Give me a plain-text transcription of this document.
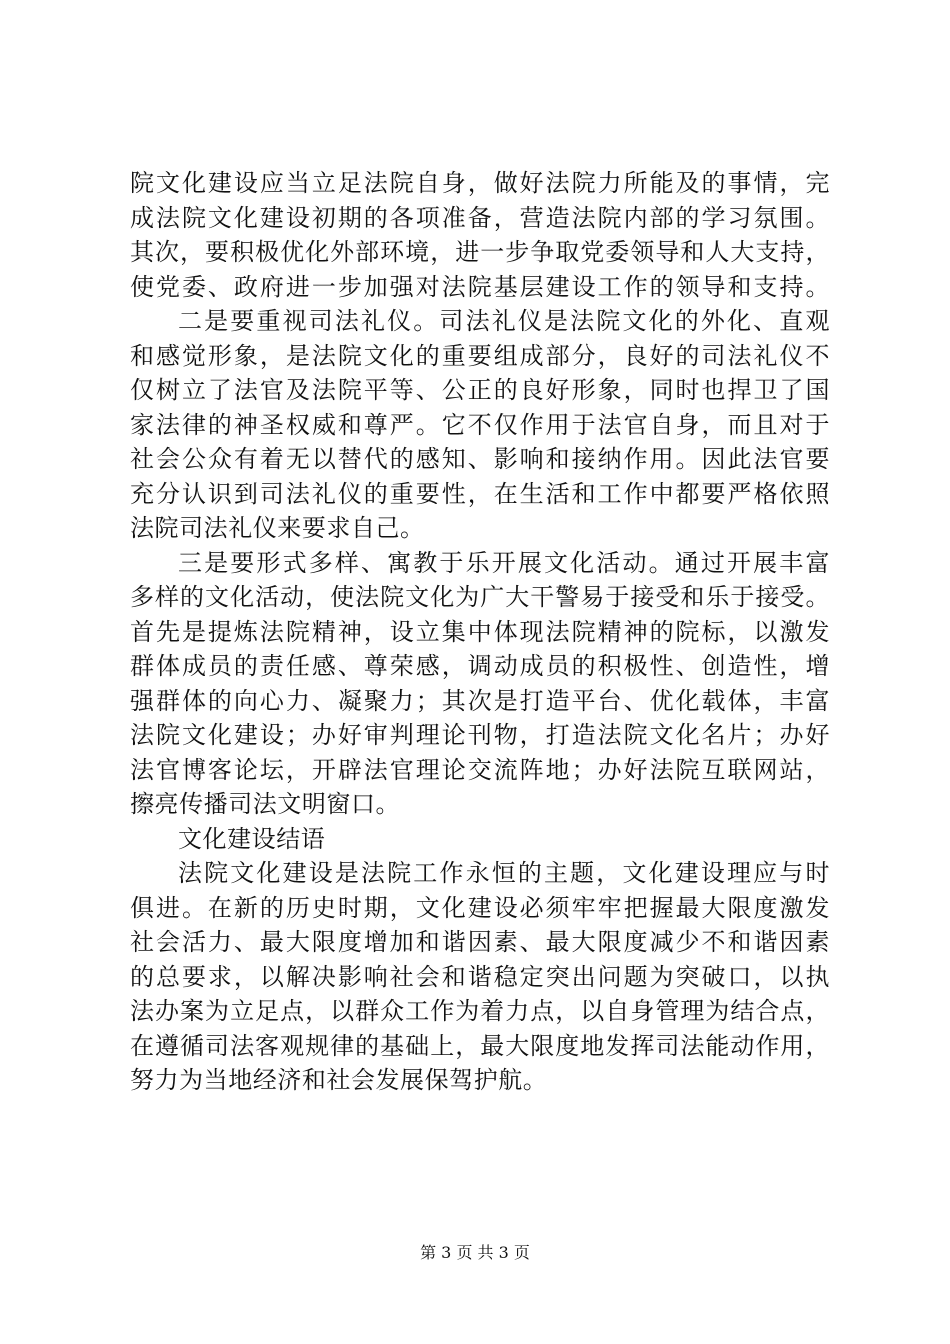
院文化建设应当立足法院自身，做好法院力所能及的事情，完
成法院文化建设初期的各项准备，营造法院内部的学习氛围。
其次，要积极优化外部环境，进一步争取党委领导和人大支持，
使党委、政府进一步加强对法院基层建设工作的领导和支持。
二是要重视司法礼仪。司法礼仪是法院文化的外化、直观
和感觉形象，是法院文化的重要组成部分，良好的司法礼仪不
仅树立了法官及法院平等、公正的良好形象，同时也捍卫了国
家法律的神圣权威和尊严。它不仅作用于法官自身，而且对于
社会公众有着无以替代的感知、影响和接纳作用。因此法官要
充分认识到司法礼仪的重要性，在生活和工作中都要严格依照
法院司法礼仪来要求自己。
三是要形式多样、寓教于乐开展文化活动。通过开展丰富
多样的文化活动，使法院文化为广大干警易于接受和乐于接受。
首先是提炼法院精神，设立集中体现法院精神的院标，以激发
群体成员的责任感、尊荣感，调动成员的积极性、创造性，增
强群体的向心力、凝聚力；其次是打造平台、优化载体，丰富
法院文化建设；办好审判理论刊物，打造法院文化名片；办好
法官博客论坛，开辟法官理论交流阵地；办好法院互联网站，
擦亮传播司法文明窗口。
文化建设结语
法院文化建设是法院工作永恒的主题，文化建设理应与时
俱进。在新的历史时期，文化建设必须牢牢把握最大限度激发
社会活力、最大限度增加和谐因素、最大限度减少不和谐因素
的总要求，以解决影响社会和谐稳定突出问题为突破口，以执
法办案为立足点，以群众工作为着力点，以自身管理为结合点，
在遵循司法客观规律的基础上，最大限度地发挥司法能动作用，
努力为当地经济和社会发展保驾护航。
第 3 页 共 3 页
